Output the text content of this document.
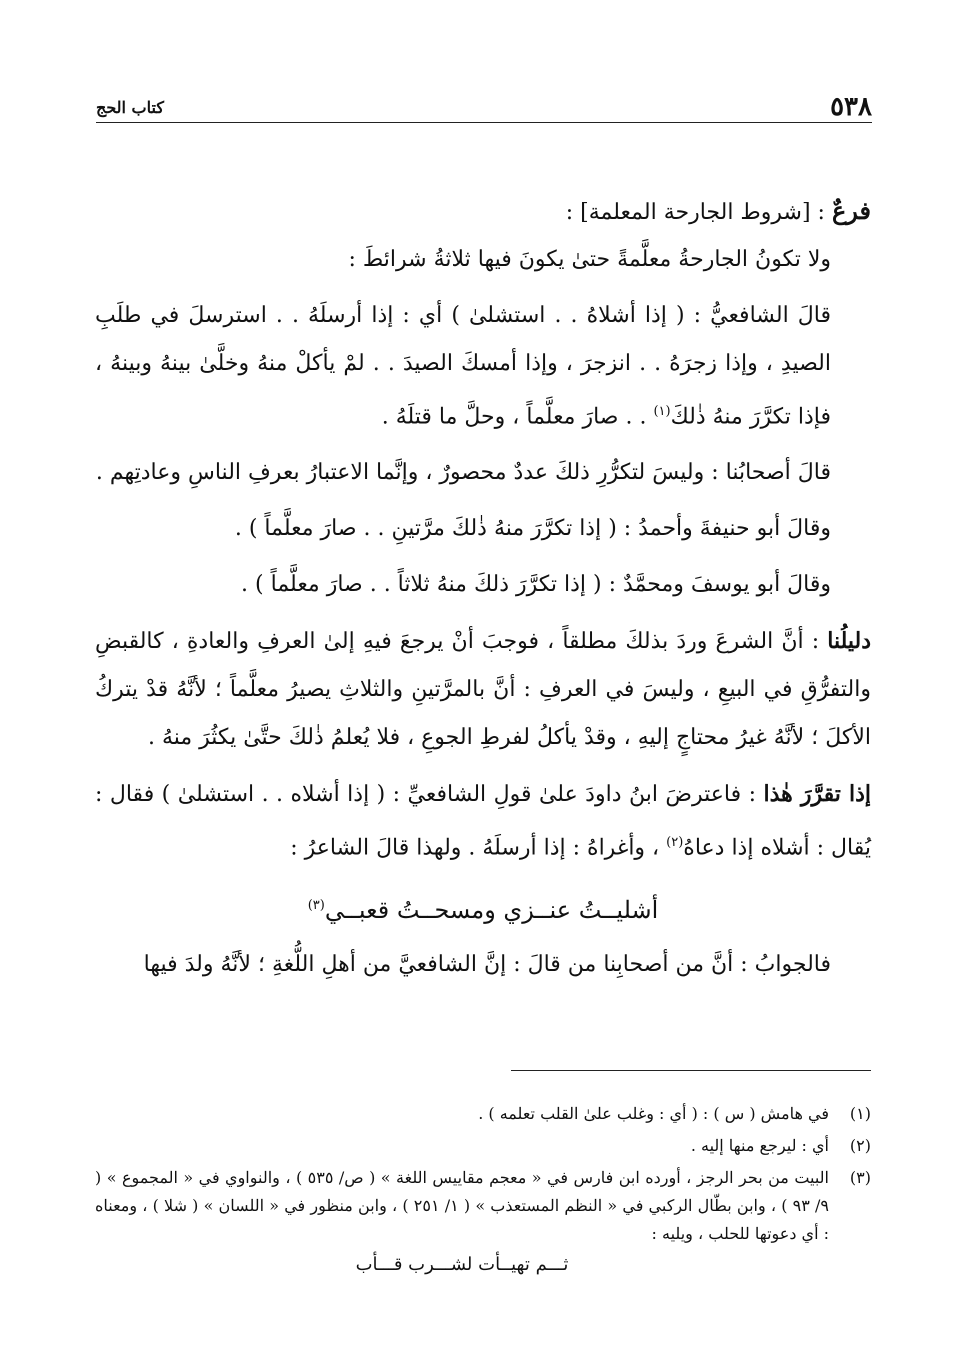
٥٣٨
كتاب الحج
فرعٌ : [شروط الجارحة المعلمة] :

ولا تكونُ الجارحةُ معلَّمةً حتىٰ يكونَ فيها ثلاثةُ شرائطَ :

قالَ الشافعيُّ : ( إذا أشلاهُ . . استشلىٰ ) أي : إذا أرسلَهُ . . استرسلَ في طلَبِ الصيدِ ، وإذا زجرَهُ . . انزجرَ ، وإذا أمسكَ الصيدَ . . لمْ يأكلْ منهُ وخلَّىٰ بينهُ وبينهُ ، فإذا تكرَّرَ منهُ ذٰلكَ$^{(١)}$ . . صارَ معلَّماً ، وحلَّ ما قتلَهُ .

قالَ أصحابُنا : وليسَ لتكرُّرِ ذلكَ عددٌ محصورٌ ، وإنَّما الاعتبارُ بعرفِ الناسِ وعادتِهم .

وقالَ أبو حنيفةَ وأحمدُ : ( إذا تكرَّرَ منهُ ذٰلكَ مرَّتينِ . . صارَ معلَّماً ) .

وقالَ أبو يوسفَ ومحمَّدٌ : ( إذا تكرَّرَ ذلكَ منهُ ثلاثاً . . صارَ معلَّماً ) .

دليلُنا : أنَّ الشرعَ وردَ بذلكَ مطلقاً ، فوجبَ أنْ يرجعَ فيهِ إلىٰ العرفِ والعادةِ ، كالقبضِ والتفرُّقِ في البيعِ ، وليسَ في العرفِ : أنَّ بالمرَّتينِ والثلاثِ يصيرُ معلَّماً ؛ لأنَّهُ قدْ يتركُ الأكلَ ؛ لأنَّهُ غيرُ محتاجٍ إليهِ ، وقدْ يأكلُ لفرطِ الجوعِ ، فلا يُعلمُ ذٰلكَ حتَّىٰ يكثُرَ منهُ .

إذا تقرَّرَ هٰذا : فاعترضَ ابنُ داودَ علىٰ قولِ الشافعيِّ : ( إذا أشلاه . . استشلىٰ ) فقال : يُقال : أشلاه إذا دعاهُ$^{(٢)}$ ، وأغراهُ : إذا أرسلَهُ . ولهذا قالَ الشاعرُ :

أشليــتُ عنــزي ومسحــتُ قعبــي$^{(٣)}$

فالجوابُ : أنَّ من أصحابِنا من قالَ : إنَّ الشافعيَّ من أهلِ اللُّغةِ ؛ لأنَّهُ ولدَ فيها

(١)
في هامش ( س ) : ( أي : وغلب علىٰ القلب تعلمه ) .
(٢)
أي : ليرجع منها إليه .
(٣)
البيت من بحر الرجز ، أورده ابن فارس في « معجم مقاييس اللغة » ( ص/ ٥٣٥ ) ، والنواوي في « المجموع » ( ٩/ ٩٣ ) ، وابن بطّال الركبي في « النظم المستعذب » ( ١/ ٢٥١ ) ، وابن منظور في « اللسان » ( شلا ) ، ومعناه : أي دعوتها للحلب ، ويليه :
ثـــم تهيــأت لشـــرب قـــأب
